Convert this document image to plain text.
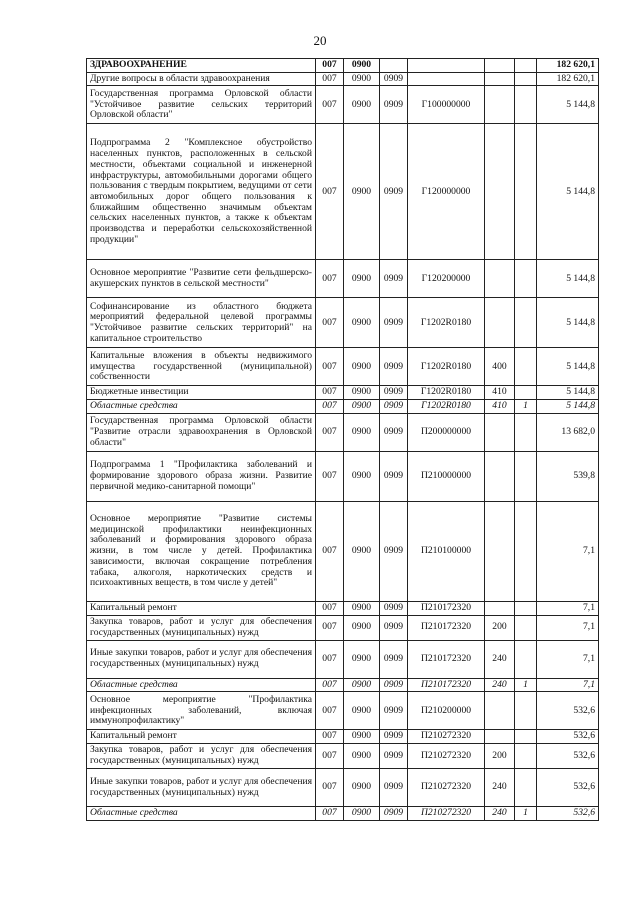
20
ЗДРАВООХРАНЕНИЕ	007	0900					182 620,1
Другие вопросы в области здравоохранения	007	0900	0909				182 620,1
Государственная программа Орловской области "Устойчивое развитие сельских территорий Орловской области"	007	0900	0909	Г100000000			5 144,8
Подпрограмма 2 "Комплексное обустройство населенных пунктов, расположенных в сельской местности, объектами социальной и инженерной инфраструктуры, автомобильными дорогами общего пользования с твердым покрытием, ведущими от сети автомобильных дорог общего пользования к ближайшим общественно значимым объектам сельских населенных пунктов, а также к объектам производства и переработки сельскохозяйственной продукции"	007	0900	0909	Г120000000			5 144,8
Основное мероприятие "Развитие сети фельдшерско-акушерских пунктов в сельской местности"	007	0900	0909	Г120200000			5 144,8
Софинансирование из областного бюджета мероприятий федеральной целевой программы "Устойчивое развитие сельских территорий" на капитальное строительство	007	0900	0909	Г1202R0180			5 144,8
Капитальные вложения в объекты недвижимого имущества государственной (муниципальной) собственности	007	0900	0909	Г1202R0180	400		5 144,8
Бюджетные инвестиции	007	0900	0909	Г1202R0180	410		5 144,8
Областные средства	007	0900	0909	Г1202R0180	410	1	5 144,8
Государственная программа Орловской области "Развитие отрасли здравоохранения в Орловской области"	007	0900	0909	П200000000			13 682,0
Подпрограмма 1 "Профилактика заболеваний и формирование здорового образа жизни. Развитие первичной медико-санитарной помощи"	007	0900	0909	П210000000			539,8
Основное мероприятие "Развитие системы медицинской профилактики неинфекционных заболеваний и формирования здорового образа жизни, в том числе у детей. Профилактика зависимости, включая сокращение потребления табака, алкоголя, наркотических средств и психоактивных веществ, в том числе у детей"	007	0900	0909	П210100000			7,1
Капитальный ремонт	007	0900	0909	П210172320			7,1
Закупка товаров, работ и услуг для обеспечения государственных (муниципальных) нужд	007	0900	0909	П210172320	200		7,1
Иные закупки товаров, работ и услуг для обеспечения государственных (муниципальных) нужд	007	0900	0909	П210172320	240		7,1
Областные средства	007	0900	0909	П210172320	240	1	7,1
Основное мероприятие "Профилактика инфекционных заболеваний, включая иммунопрофилактику"	007	0900	0909	П210200000			532,6
Капитальный ремонт	007	0900	0909	П210272320			532,6
Закупка товаров, работ и услуг для обеспечения государственных (муниципальных) нужд	007	0900	0909	П210272320	200		532,6
Иные закупки товаров, работ и услуг для обеспечения государственных (муниципальных) нужд	007	0900	0909	П210272320	240		532,6
Областные средства	007	0900	0909	П210272320	240	1	532,6
